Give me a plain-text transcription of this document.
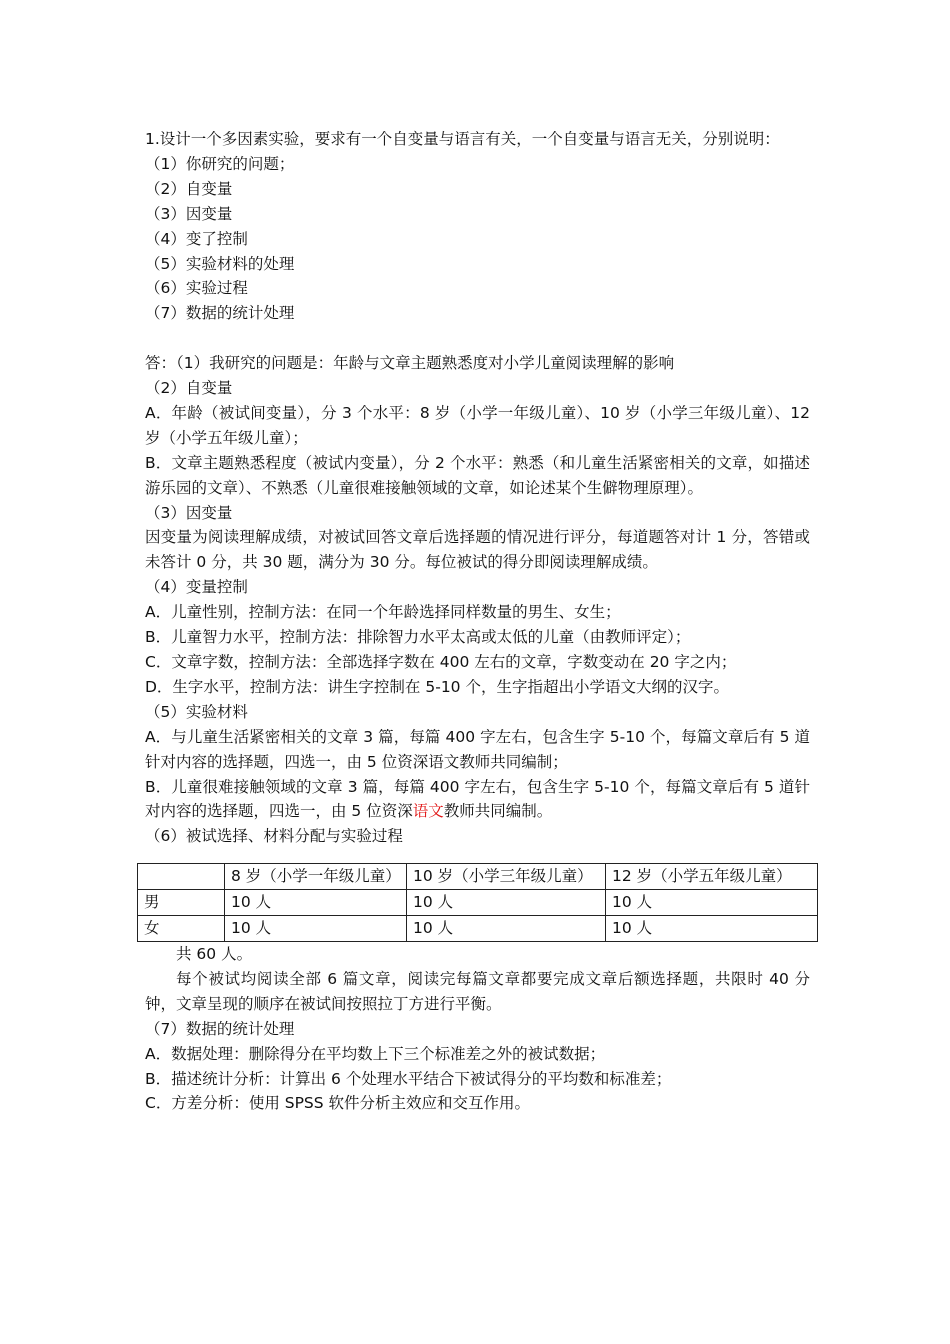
1.设计一个多因素实验，要求有一个自变量与语言有关，一个自变量与语言无关，分别说明：

（1）你研究的问题；

（2）自变量

（3）因变量

（4）变了控制

（5）实验材料的处理

（6）实验过程

（7）数据的统计处理

答：（1）我研究的问题是：年龄与文章主题熟悉度对小学儿童阅读理解的影响

（2）自变量

A．年龄（被试间变量），分 3 个水平：8 岁（小学一年级儿童）、10 岁（小学三年级儿童）、12 岁（小学五年级儿童）；

B．文章主题熟悉程度（被试内变量），分 2 个水平：熟悉（和儿童生活紧密相关的文章，如描述游乐园的文章）、不熟悉（儿童很难接触领域的文章，如论述某个生僻物理原理）。

（3）因变量

因变量为阅读理解成绩，对被试回答文章后选择题的情况进行评分，每道题答对计 1 分，答错或未答计 0 分，共 30 题，满分为 30 分。每位被试的得分即阅读理解成绩。

（4）变量控制

A．儿童性别，控制方法：在同一个年龄选择同样数量的男生、女生；

B．儿童智力水平，控制方法：排除智力水平太高或太低的儿童（由教师评定）；

C．文章字数，控制方法：全部选择字数在 400 左右的文章，字数变动在 20 字之内；

D．生字水平，控制方法：讲生字控制在 5-10 个，生字指超出小学语文大纲的汉字。

（5）实验材料

A．与儿童生活紧密相关的文章 3 篇，每篇 400 字左右，包含生字 5-10 个，每篇文章后有 5 道针对内容的选择题，四选一，由 5 位资深语文教师共同编制；

B．儿童很难接触领域的文章 3 篇，每篇 400 字左右，包含生字 5-10 个，每篇文章后有 5 道针对内容的选择题，四选一，由 5 位资深语文教师共同编制。

（6）被试选择、材料分配与实验过程

	8 岁（小学一年级儿童）	10 岁（小学三年级儿童）	12 岁（小学五年级儿童）
男	10 人	10 人	10 人
女	10 人	10 人	10 人

共 60 人。

每个被试均阅读全部 6 篇文章，阅读完每篇文章都要完成文章后额选择题，共限时 40 分钟，文章呈现的顺序在被试间按照拉丁方进行平衡。

（7）数据的统计处理

A．数据处理：删除得分在平均数上下三个标准差之外的被试数据；

B．描述统计分析：计算出 6 个处理水平结合下被试得分的平均数和标准差；

C．方差分析：使用 SPSS 软件分析主效应和交互作用。
